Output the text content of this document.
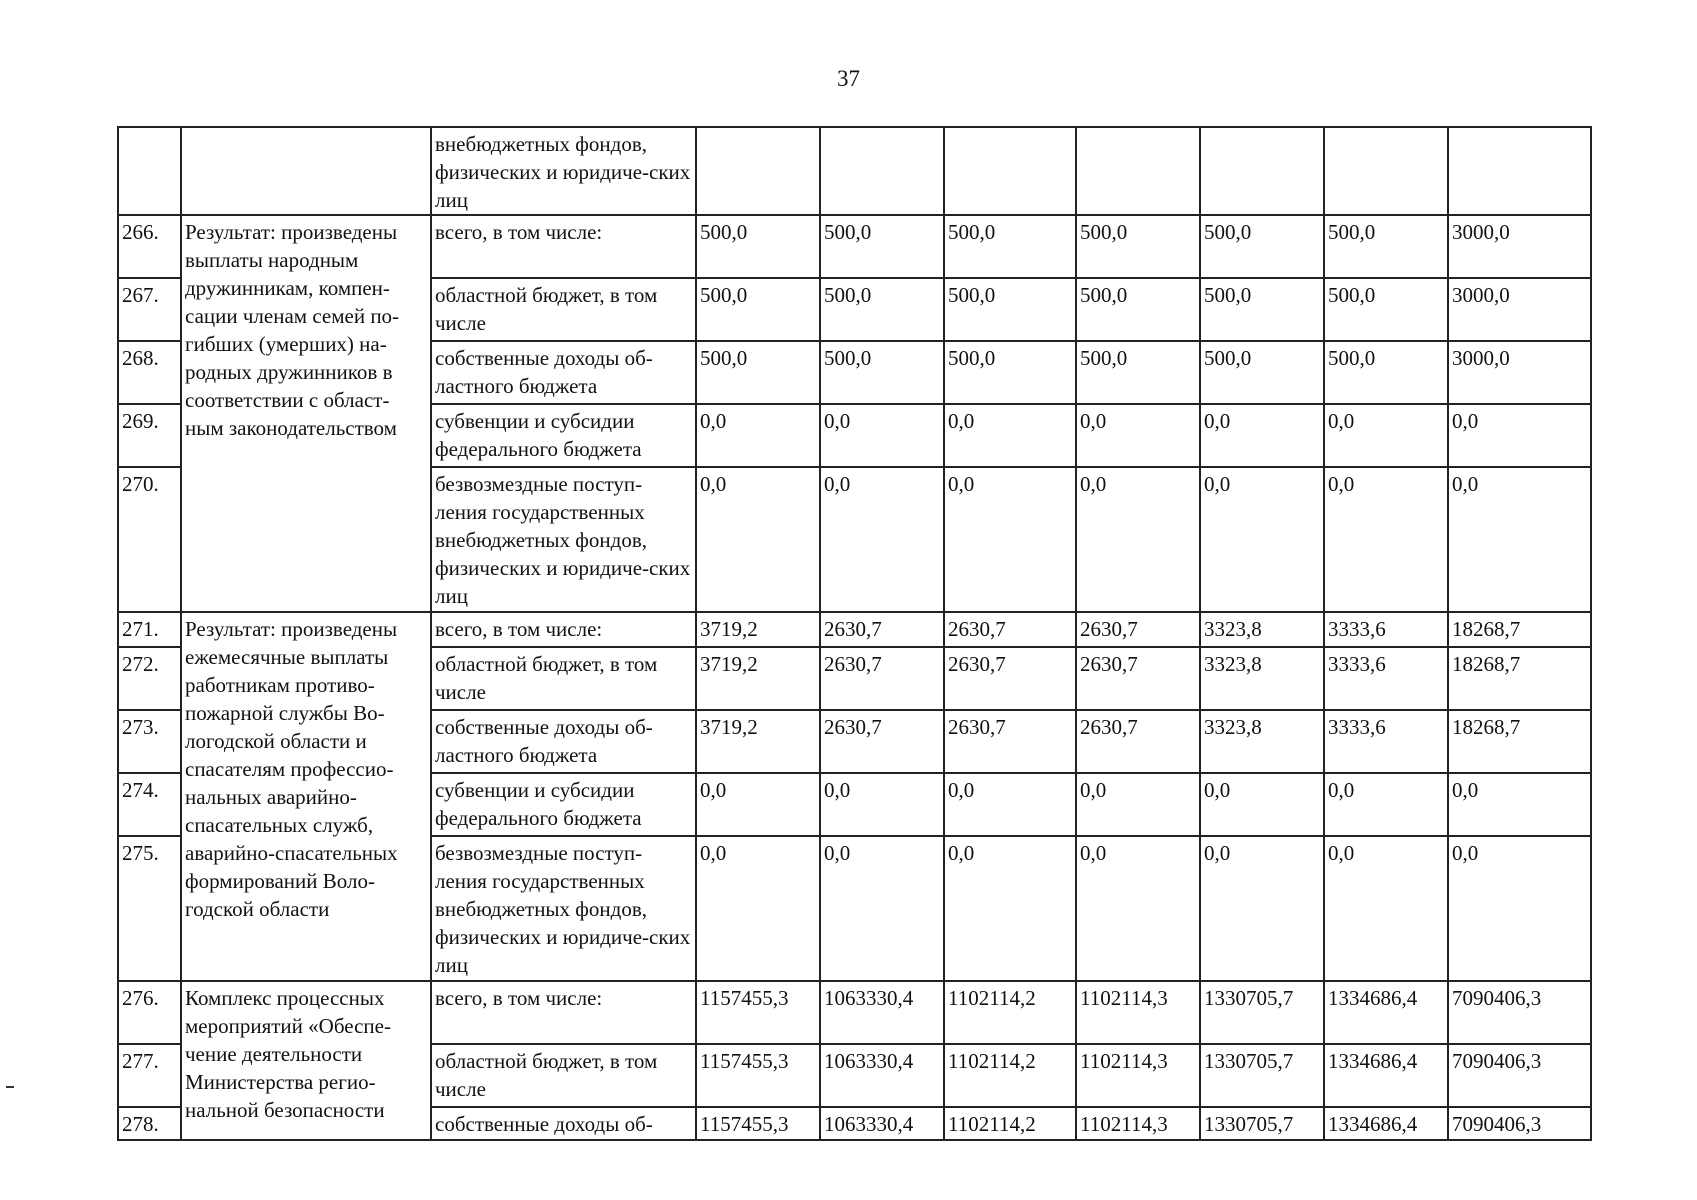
37
		внебюджетных фондов, физических и юридиче-ских лиц							
266.	Результат: произведены выплаты народным дружинникам, компен-сации членам семей по-гибших (умерших) на-родных дружинников в соответствии с област-ным законодательством	всего, в том числе:	500,0	500,0	500,0	500,0	500,0	500,0	3000,0
267.		областной бюджет, в том числе	500,0	500,0	500,0	500,0	500,0	500,0	3000,0
268.		собственные доходы об-ластного бюджета	500,0	500,0	500,0	500,0	500,0	500,0	3000,0
269.		субвенции и субсидии федерального бюджета	0,0	0,0	0,0	0,0	0,0	0,0	0,0
270.		безвозмездные поступ-ления государственных внебюджетных фондов, физических и юридиче-ских лиц	0,0	0,0	0,0	0,0	0,0	0,0	0,0
271.	Результат: произведены ежемесячные выплаты работникам противо-пожарной службы Во-логодской области и спасателям профессио-нальных аварийно-спасательных служб, аварийно-спасательных формирований Воло-годской области	всего, в том числе:	3719,2	2630,7	2630,7	2630,7	3323,8	3333,6	18268,7
272.		областной бюджет, в том числе	3719,2	2630,7	2630,7	2630,7	3323,8	3333,6	18268,7
273.		собственные доходы об-ластного бюджета	3719,2	2630,7	2630,7	2630,7	3323,8	3333,6	18268,7
274.		субвенции и субсидии федерального бюджета	0,0	0,0	0,0	0,0	0,0	0,0	0,0
275.		безвозмездные поступ-ления государственных внебюджетных фондов, физических и юридиче-ских лиц	0,0	0,0	0,0	0,0	0,0	0,0	0,0
276.	Комплекс процессных мероприятий «Обеспе-чение деятельности Министерства регио-нальной безопасности	всего, в том числе:	1157455,3	1063330,4	1102114,2	1102114,3	1330705,7	1334686,4	7090406,3
277.		областной бюджет, в том числе	1157455,3	1063330,4	1102114,2	1102114,3	1330705,7	1334686,4	7090406,3
278.		собственные доходы об-	1157455,3	1063330,4	1102114,2	1102114,3	1330705,7	1334686,4	7090406,3
